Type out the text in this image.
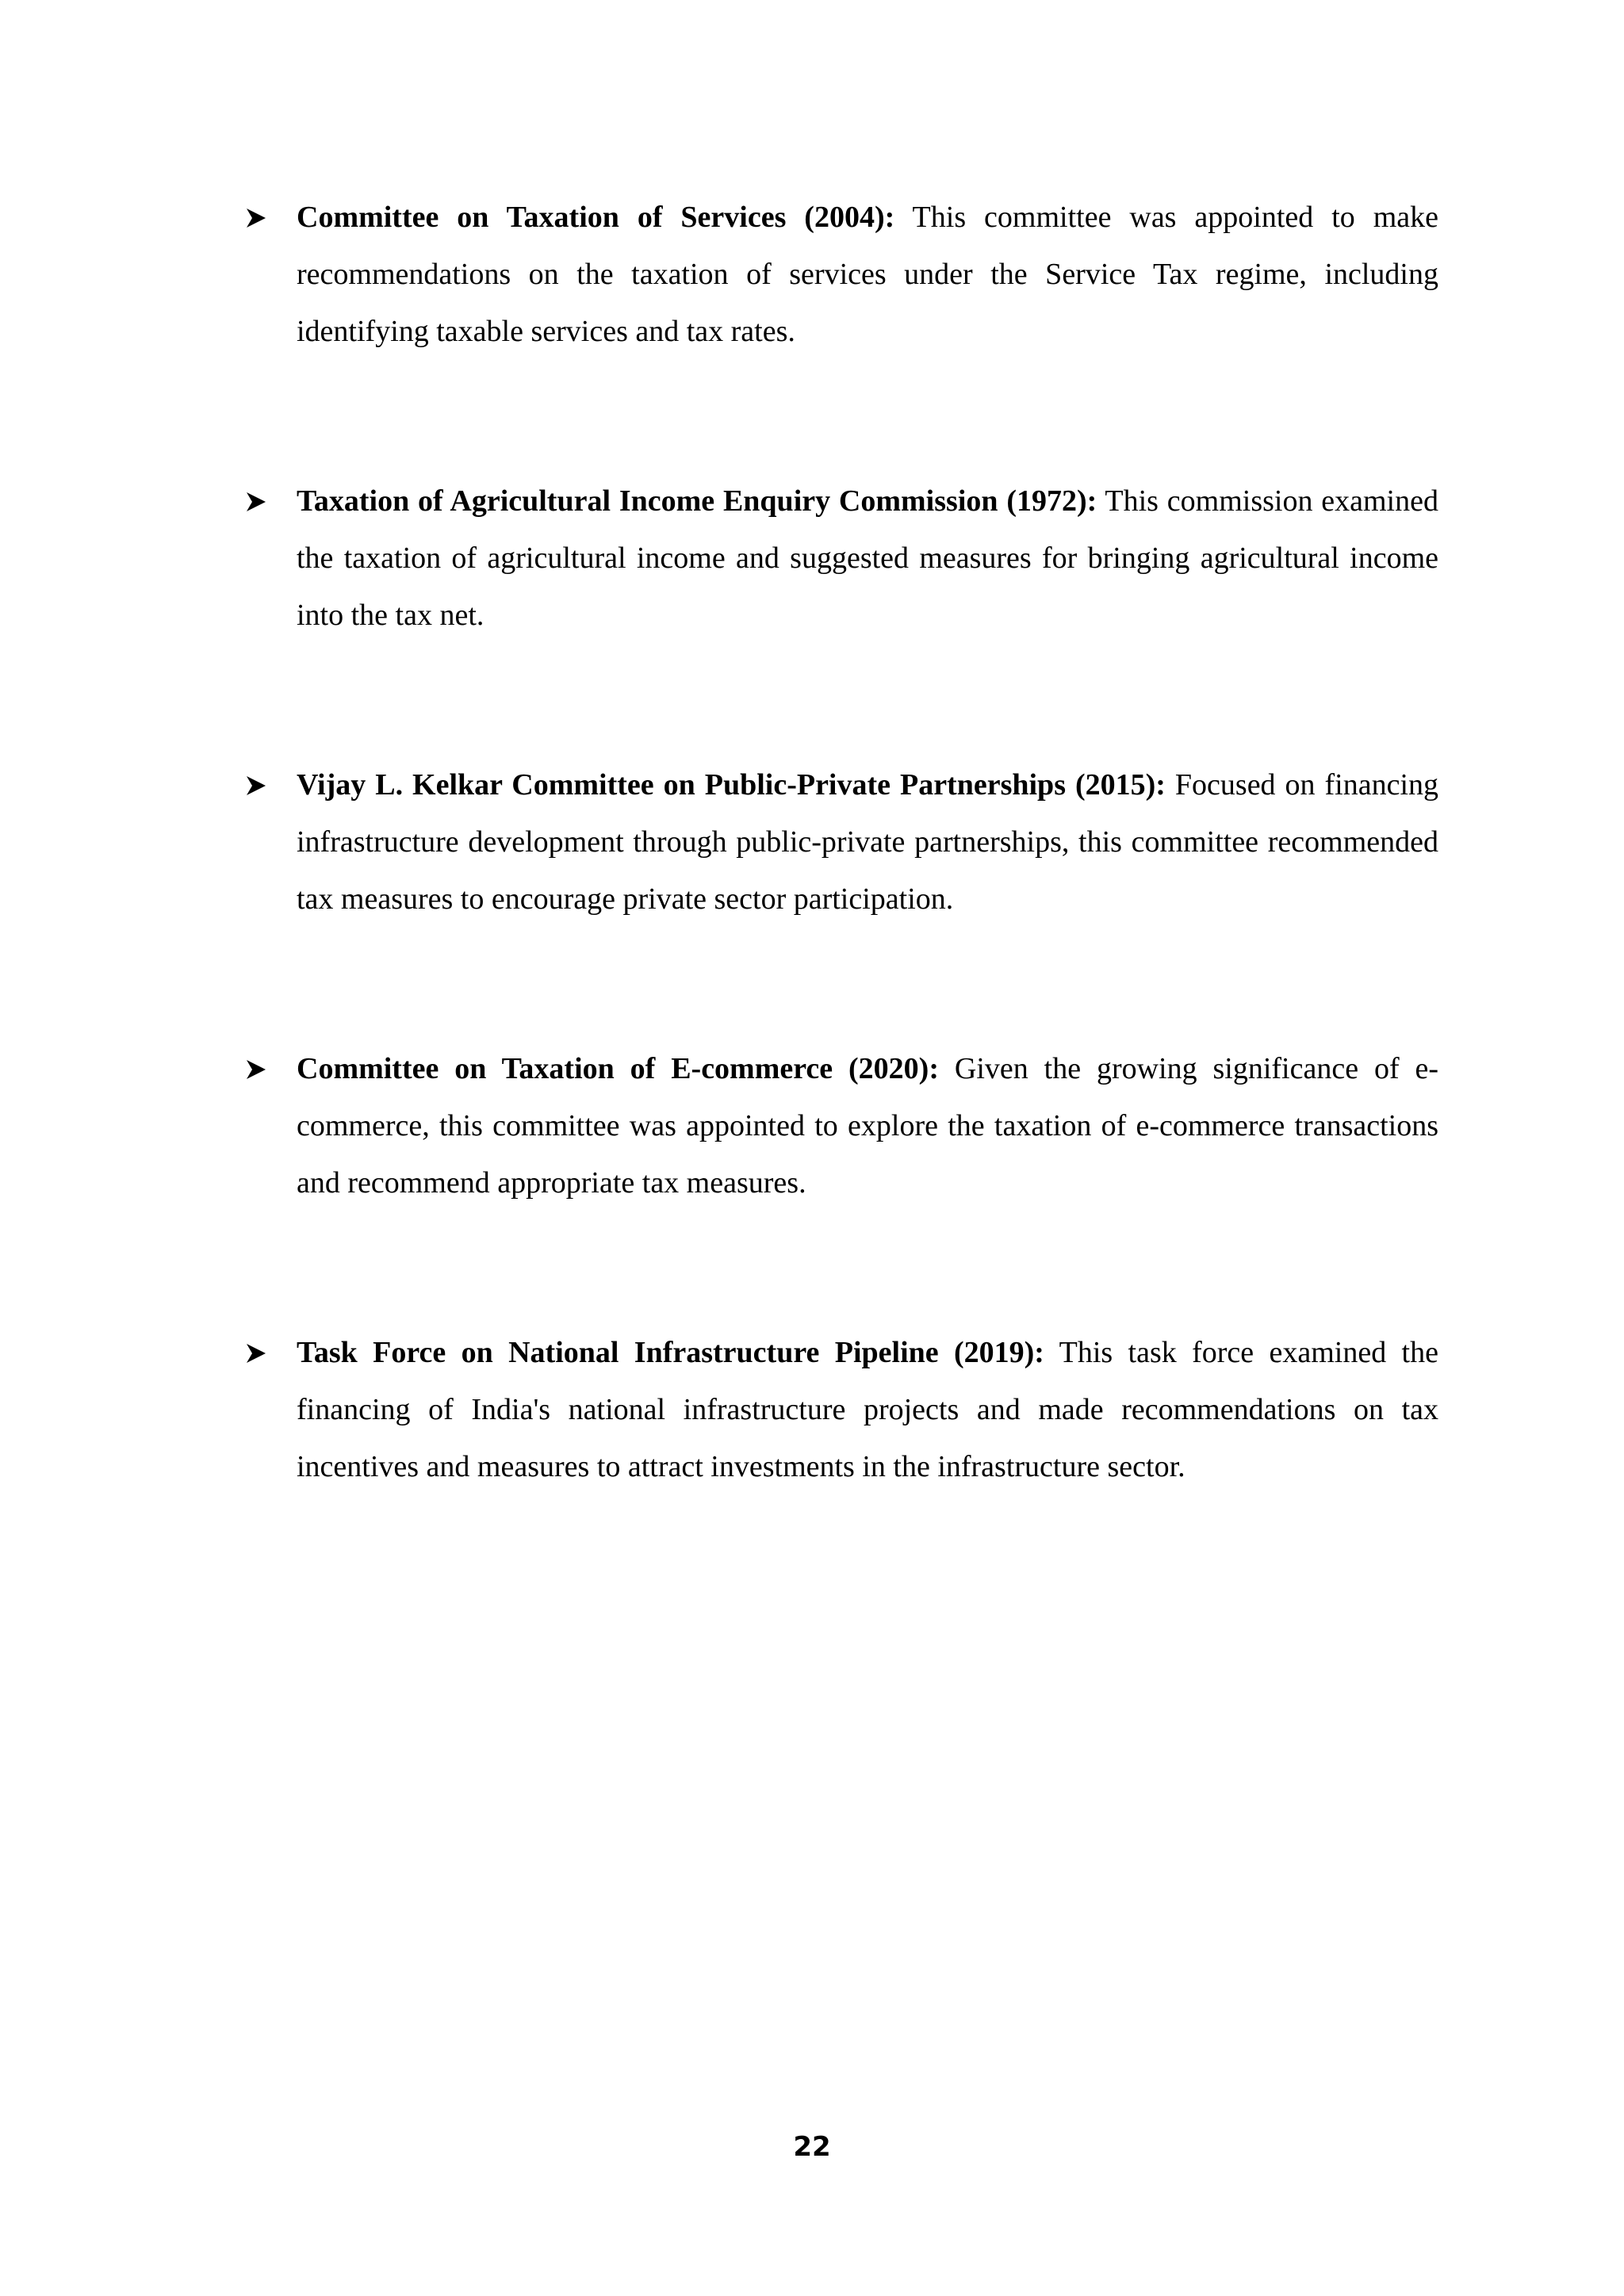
Committee on Taxation of Services (2004): This committee was appointed to make recommendations on the taxation of services under the Service Tax regime, including identifying taxable services and tax rates.
Taxation of Agricultural Income Enquiry Commission (1972): This commission examined the taxation of agricultural income and suggested measures for bringing agricultural income into the tax net.
Vijay L. Kelkar Committee on Public-Private Partnerships (2015): Focused on financing infrastructure development through public-private partnerships, this committee recommended tax measures to encourage private sector participation.
Committee on Taxation of E-commerce (2020): Given the growing significance of e-commerce, this committee was appointed to explore the taxation of e-commerce transactions and recommend appropriate tax measures.
Task Force on National Infrastructure Pipeline (2019): This task force examined the financing of India's national infrastructure projects and made recommendations on tax incentives and measures to attract investments in the infrastructure sector.
22
